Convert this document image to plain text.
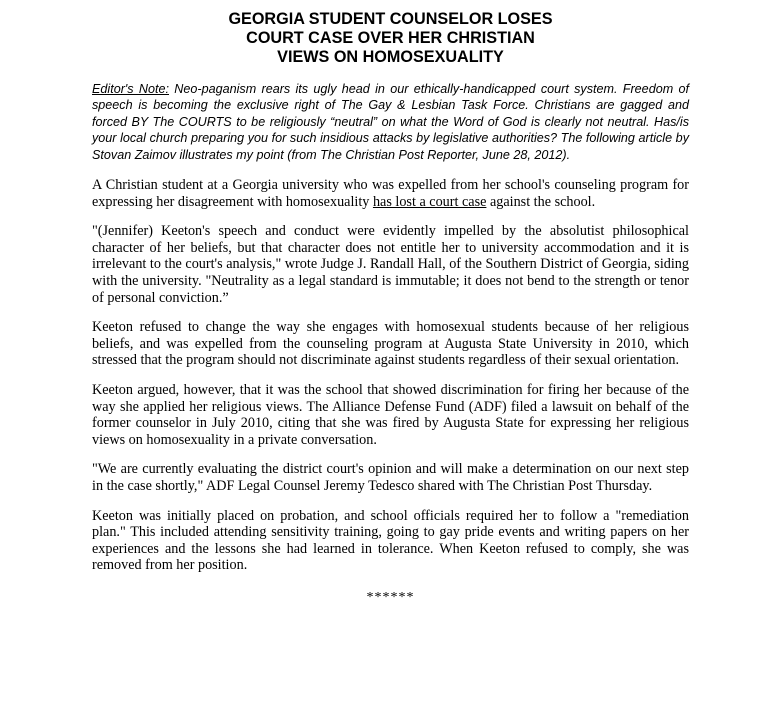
GEORGIA STUDENT COUNSELOR LOSES
COURT CASE OVER HER CHRISTIAN
VIEWS ON HOMOSEXUALITY

Editor's Note: Neo-paganism rears its ugly head in our ethically-handicapped court system. Freedom of speech is becoming the exclusive right of The Gay & Lesbian Task Force. Christians are gagged and forced BY The COURTS to be religiously “neutral” on what the Word of God is clearly not neutral. Has/is your local church preparing you for such insidious attacks by legislative authorities? The following article by Stovan Zaimov illustrates my point (from The Christian Post Reporter, June 28, 2012).

A Christian student at a Georgia university who was expelled from her school's counseling program for expressing her disagreement with homosexuality has lost a court case against the school.

"(Jennifer) Keeton's speech and conduct were evidently impelled by the absolutist philosophical character of her beliefs, but that character does not entitle her to university accommodation and it is irrelevant to the court's analysis," wrote Judge J. Randall Hall, of the Southern District of Georgia, siding with the university. "Neutrality as a legal standard is immutable; it does not bend to the strength or tenor of personal conviction.”

Keeton refused to change the way she engages with homosexual students because of her religious beliefs, and was expelled from the counseling program at Augusta State University in 2010, which stressed that the program should not discriminate against students regardless of their sexual orientation.

Keeton argued, however, that it was the school that showed discrimination for firing her because of the way she applied her religious views. The Alliance Defense Fund (ADF) filed a lawsuit on behalf of the former counselor in July 2010, citing that she was fired by Augusta State for expressing her religious views on homosexuality in a private conversation.

"We are currently evaluating the district court's opinion and will make a determination on our next step in the case shortly," ADF Legal Counsel Jeremy Tedesco shared with The Christian Post Thursday.

Keeton was initially placed on probation, and school officials required her to follow a "remediation plan." This included attending sensitivity training, going to gay pride events and writing papers on her experiences and the lessons she had learned in tolerance. When Keeton refused to comply, she was removed from her position.

******
